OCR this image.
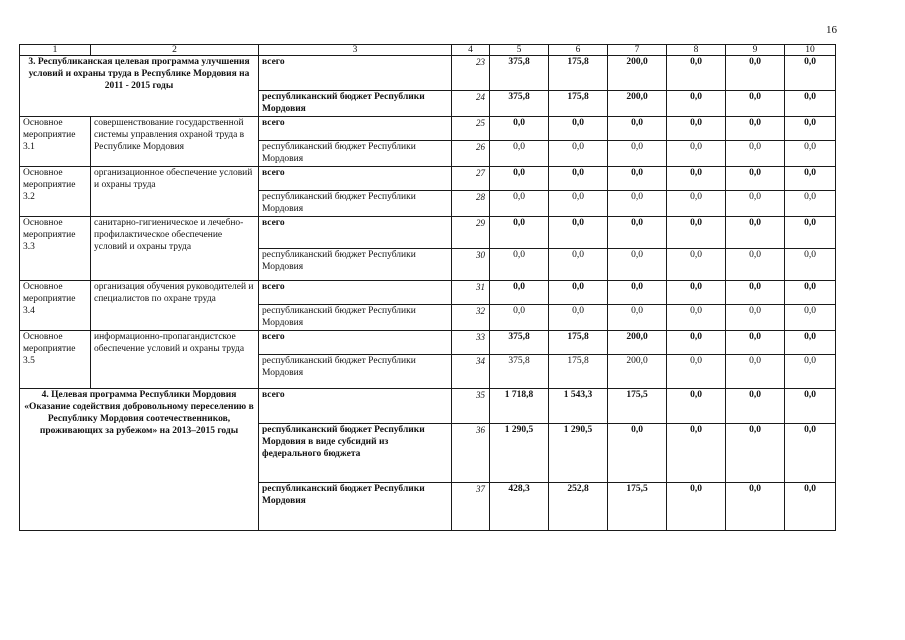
16
1	2	3	4	5	6	7	8	9	10
3. Республиканская целевая программа улучшения условий и охраны труда в Республике Мордовия на 2011 - 2015 годы		всего	23	375,8	175,8	200,0	0,0	0,0	0,0
		республиканский бюджет Республики Мордовия	24	375,8	175,8	200,0	0,0	0,0	0,0
Основное мероприятие 3.1	совершенствование государственной системы управления охраной труда в Республике Мордовия	всего	25	0,0	0,0	0,0	0,0	0,0	0,0
		республиканский бюджет Республики Мордовия	26	0,0	0,0	0,0	0,0	0,0	0,0
Основное мероприятие 3.2	организационное обеспечение условий и охраны труда	всего	27	0,0	0,0	0,0	0,0	0,0	0,0
		республиканский бюджет Республики Мордовия	28	0,0	0,0	0,0	0,0	0,0	0,0
Основное мероприятие 3.3	санитарно-гигиеническое и лечебно-профилактическое обеспечение условий и охраны труда	всего	29	0,0	0,0	0,0	0,0	0,0	0,0
		республиканский бюджет Республики Мордовия	30	0,0	0,0	0,0	0,0	0,0	0,0
Основное мероприятие 3.4	организация обучения руководителей и специалистов по охране труда	всего	31	0,0	0,0	0,0	0,0	0,0	0,0
		республиканский бюджет Республики Мордовия	32	0,0	0,0	0,0	0,0	0,0	0,0
Основное мероприятие 3.5	информационно-пропагандистское обеспечение условий и охраны труда	всего	33	375,8	175,8	200,0	0,0	0,0	0,0
		республиканский бюджет Республики Мордовия	34	375,8	175,8	200,0	0,0	0,0	0,0
4. Целевая программа Республики Мордовия «Оказание содействия добровольному переселению в Республику Мордовия соотечественников, проживающих за рубежом» на 2013–2015 годы		всего	35	1 718,8	1 543,3	175,5	0,0	0,0	0,0
		республиканский бюджет Республики Мордовия в виде субсидий из федерального бюджета	36	1 290,5	1 290,5	0,0	0,0	0,0	0,0
		республиканский бюджет Республики Мордовия	37	428,3	252,8	175,5	0,0	0,0	0,0
